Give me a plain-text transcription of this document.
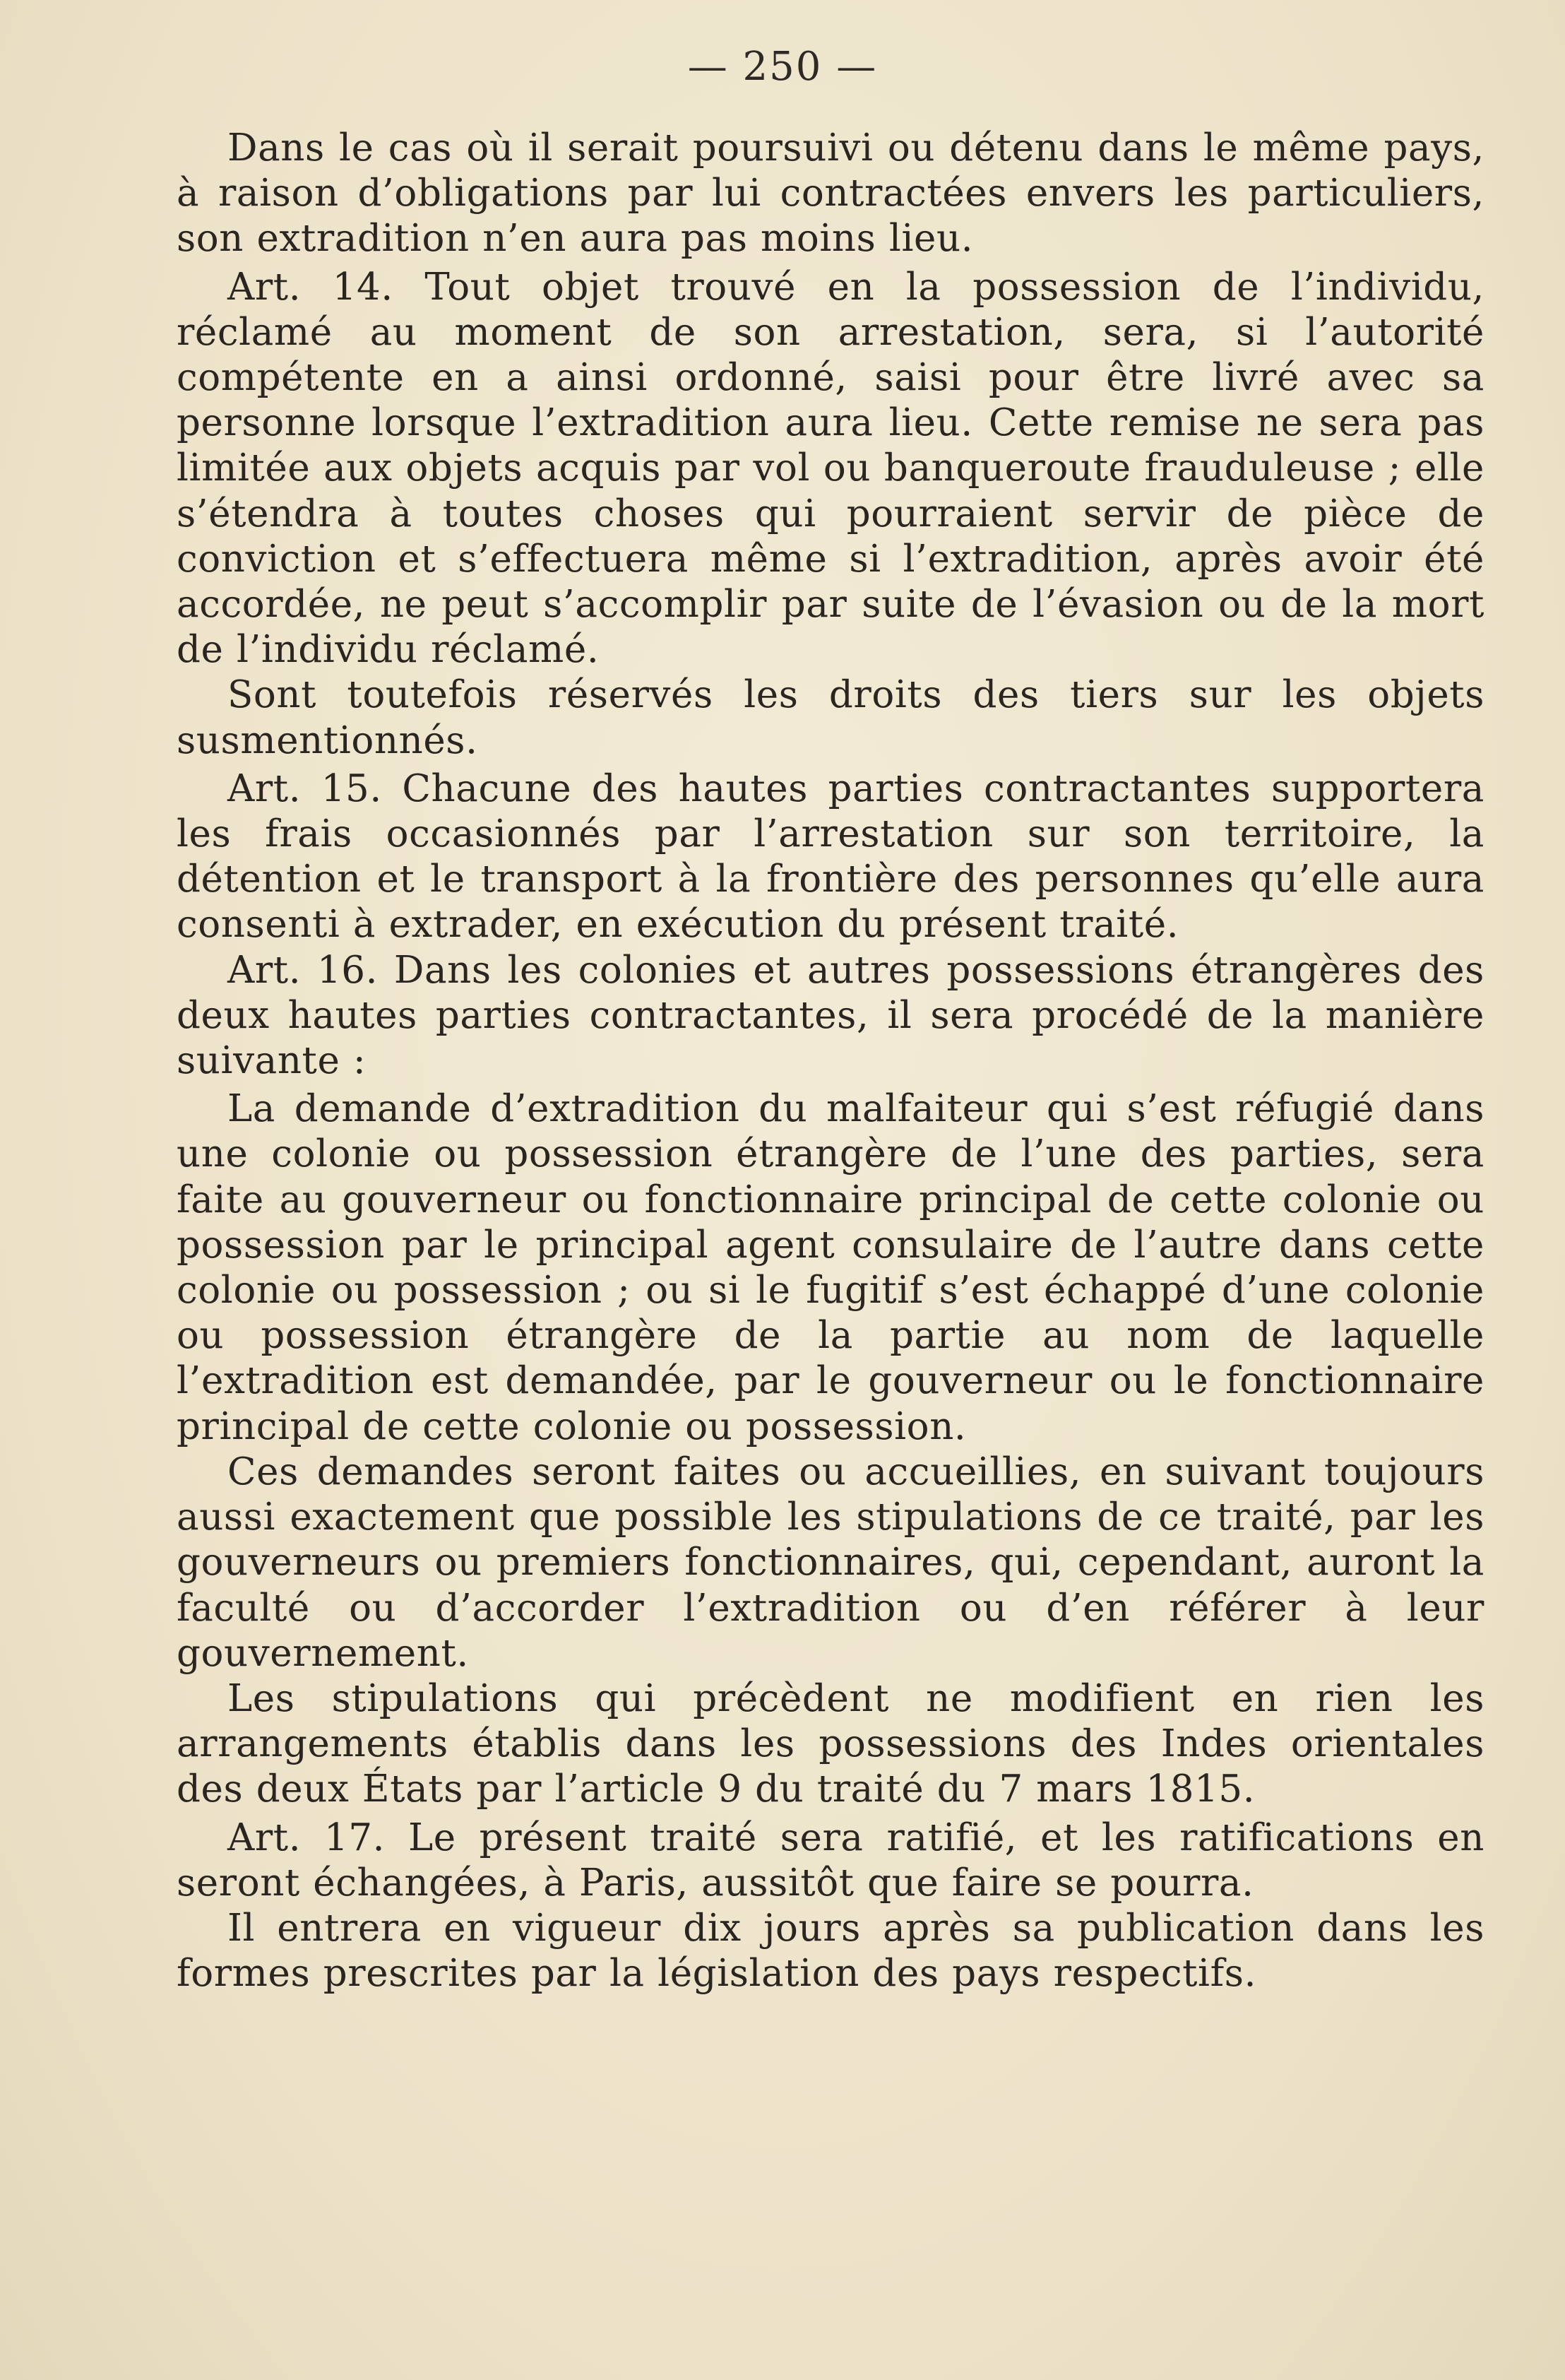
— 250 —

Dans le cas où il serait poursuivi ou détenu dans le même pays, à raison d’obligations par lui contractées envers les particuliers, son extradition n’en aura pas moins lieu.

Art. 14. Tout objet trouvé en la possession de l’individu, réclamé au moment de son arrestation, sera, si l’autorité compétente en a ainsi ordonné, saisi pour être livré avec sa personne lorsque l’extradition aura lieu. Cette remise ne sera pas limitée aux objets acquis par vol ou banqueroute frauduleuse ; elle s’étendra à toutes choses qui pourraient servir de pièce de conviction et s’effectuera même si l’extradition, après avoir été accordée, ne peut s’accomplir par suite de l’évasion ou de la mort de l’individu réclamé.

Sont toutefois réservés les droits des tiers sur les objets susmentionnés.

Art. 15. Chacune des hautes parties contractantes supportera les frais occasionnés par l’arrestation sur son territoire, la détention et le transport à la frontière des personnes qu’elle aura consenti à extrader, en exécution du présent traité.

Art. 16. Dans les colonies et autres possessions étrangères des deux hautes parties contractantes, il sera procédé de la manière suivante :

La demande d’extradition du malfaiteur qui s’est réfugié dans une colonie ou possession étrangère de l’une des parties, sera faite au gouverneur ou fonctionnaire principal de cette colonie ou possession par le principal agent consulaire de l’autre dans cette colonie ou possession ; ou si le fugitif s’est échappé d’une colonie ou possession étrangère de la partie au nom de laquelle l’extradition est demandée, par le gouverneur ou le fonctionnaire principal de cette colonie ou possession.

Ces demandes seront faites ou accueillies, en suivant toujours aussi exactement que possible les stipulations de ce traité, par les gouverneurs ou premiers fonctionnaires, qui, cependant, auront la faculté ou d’accorder l’extradition ou d’en référer à leur gouvernement.

Les stipulations qui précèdent ne modifient en rien les arrangements établis dans les possessions des Indes orientales des deux États par l’article 9 du traité du 7 mars 1815.

Art. 17. Le présent traité sera ratifié, et les ratifications en seront échangées, à Paris, aussitôt que faire se pourra.

Il entrera en vigueur dix jours après sa publication dans les formes prescrites par la législation des pays respectifs.
